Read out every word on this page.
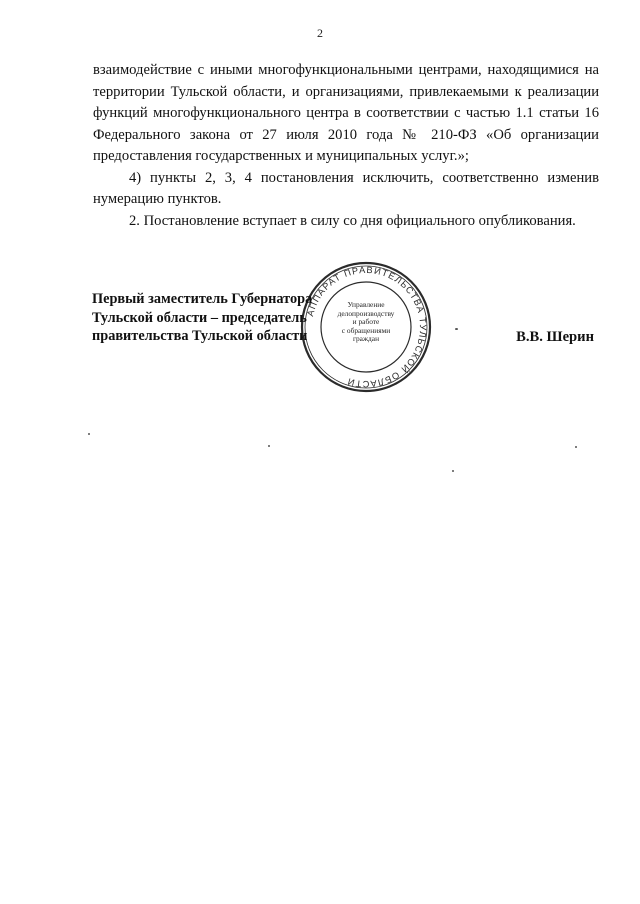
2

взаимодействие с иными многофункциональными центрами, находящимися на территории Тульской области, и организациями, привлекаемыми к реализации функций многофункционального центра в соответствии с частью 1.1 статьи 16 Федерального закона от 27 июля 2010 года № 210-ФЗ «Об организации предоставления государственных и муниципальных услуг.»;

4) пункты 2, 3, 4 постановления исключить, соответственно изменив нумерацию пунктов.

2. Постановление вступает в силу со дня официального опубликования.

АППАРАТ ПРАВИТЕЛЬСТВА ТУЛЬСКОЙ ОБЛАСТИ
Управление
делопроизводству
и работе
с обращениями
граждан
Первый заместитель Губернатора
Тульской области – председатель
правительства Тульской области	В.В. Шерин
